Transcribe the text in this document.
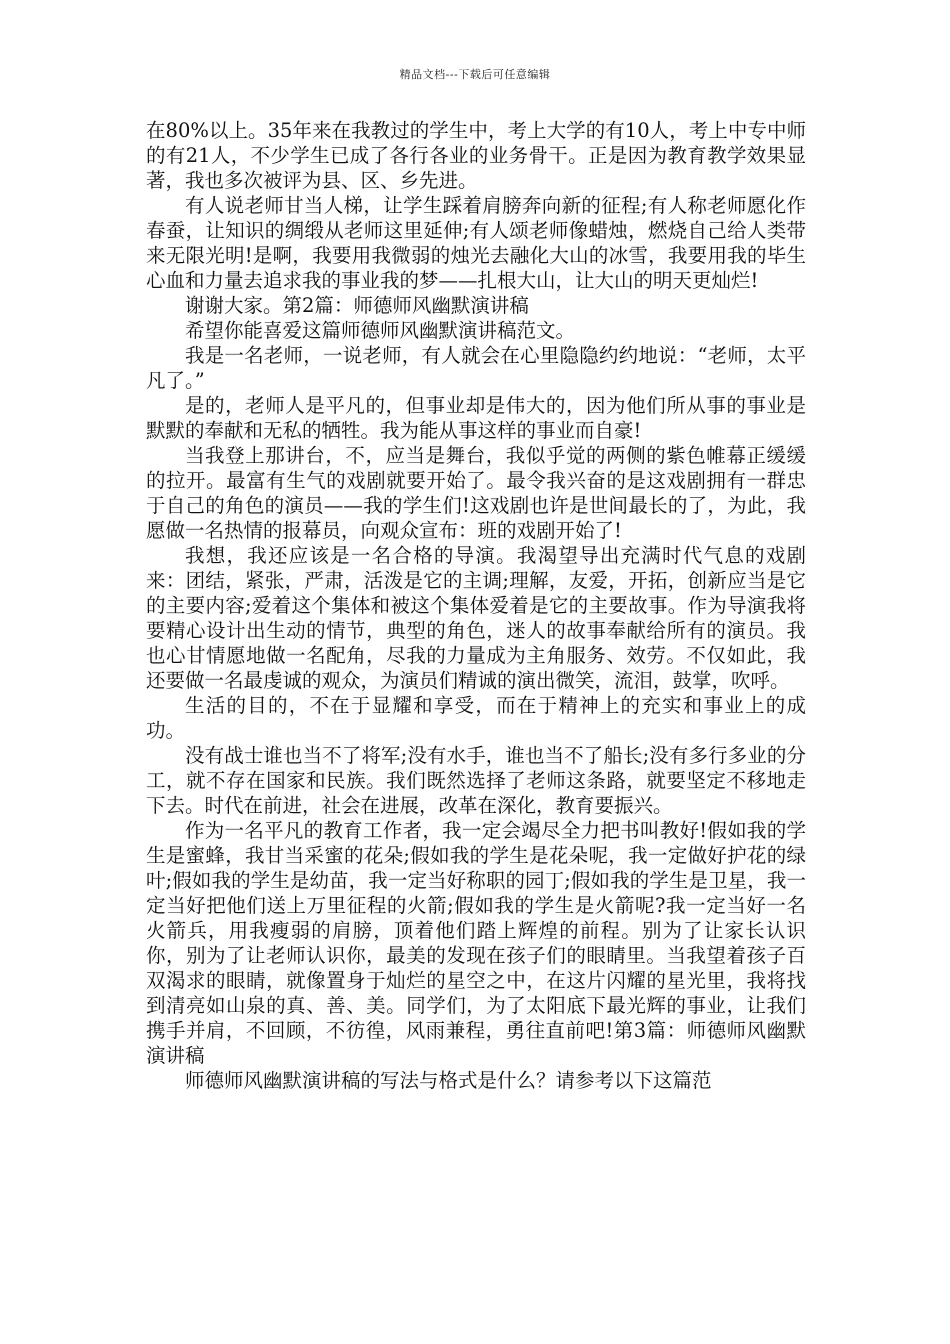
精品文档---下载后可任意编辑

在80%以上。35年来在我教过的学生中，考上大学的有10人，考上中专中师的有21人，不少学生已成了各行各业的业务骨干。正是因为教育教学效果显著，我也多次被评为县、区、乡先进。

有人说老师甘当人梯，让学生踩着肩膀奔向新的征程;有人称老师愿化作春蚕，让知识的绸缎从老师这里延伸;有人颂老师像蜡烛，燃烧自己给人类带来无限光明!是啊，我要用我微弱的烛光去融化大山的冰雪，我要用我的毕生心血和力量去追求我的事业我的梦——扎根大山，让大山的明天更灿烂!

谢谢大家。第2篇：师德师风幽默演讲稿

希望你能喜爱这篇师德师风幽默演讲稿范文。

我是一名老师，一说老师，有人就会在心里隐隐约约地说：“老师，太平凡了。”

是的，老师人是平凡的，但事业却是伟大的，因为他们所从事的事业是默默的奉献和无私的牺牲。我为能从事这样的事业而自豪!

当我登上那讲台，不，应当是舞台，我似乎觉的两侧的紫色帷幕正缓缓的拉开。最富有生气的戏剧就要开始了。最令我兴奋的是这戏剧拥有一群忠于自己的角色的演员——我的学生们!这戏剧也许是世间最长的了，为此，我愿做一名热情的报幕员，向观众宣布：班的戏剧开始了!

我想，我还应该是一名合格的导演。我渴望导出充满时代气息的戏剧来：团结，紧张，严肃，活泼是它的主调;理解，友爱，开拓，创新应当是它的主要内容;爱着这个集体和被这个集体爱着是它的主要故事。作为导演我将要精心设计出生动的情节，典型的角色，迷人的故事奉献给所有的演员。我也心甘情愿地做一名配角，尽我的力量成为主角服务、效劳。不仅如此，我还要做一名最虔诚的观众，为演员们精诚的演出微笑，流泪，鼓掌，吹呼。

生活的目的，不在于显耀和享受，而在于精神上的充实和事业上的成功。

没有战士谁也当不了将军;没有水手，谁也当不了船长;没有多行多业的分工，就不存在国家和民族。我们既然选择了老师这条路，就要坚定不移地走下去。时代在前进，社会在进展，改革在深化，教育要振兴。

作为一名平凡的教育工作者，我一定会竭尽全力把书叫教好!假如我的学生是蜜蜂，我甘当采蜜的花朵;假如我的学生是花朵呢，我一定做好护花的绿叶;假如我的学生是幼苗，我一定当好称职的园丁;假如我的学生是卫星，我一定当好把他们送上万里征程的火箭;假如我的学生是火箭呢?我一定当好一名火箭兵，用我瘦弱的肩膀，顶着他们踏上辉煌的前程。别为了让家长认识你，别为了让老师认识你，最美的发现在孩子们的眼睛里。当我望着孩子百双渴求的眼睛，就像置身于灿烂的星空之中，在这片闪耀的星光里，我将找到清亮如山泉的真、善、美。同学们，为了太阳底下最光辉的事业，让我们携手并肩，不回顾，不彷徨，风雨兼程，勇往直前吧!第3篇：师德师风幽默演讲稿

师德师风幽默演讲稿的写法与格式是什么？请参考以下这篇范
